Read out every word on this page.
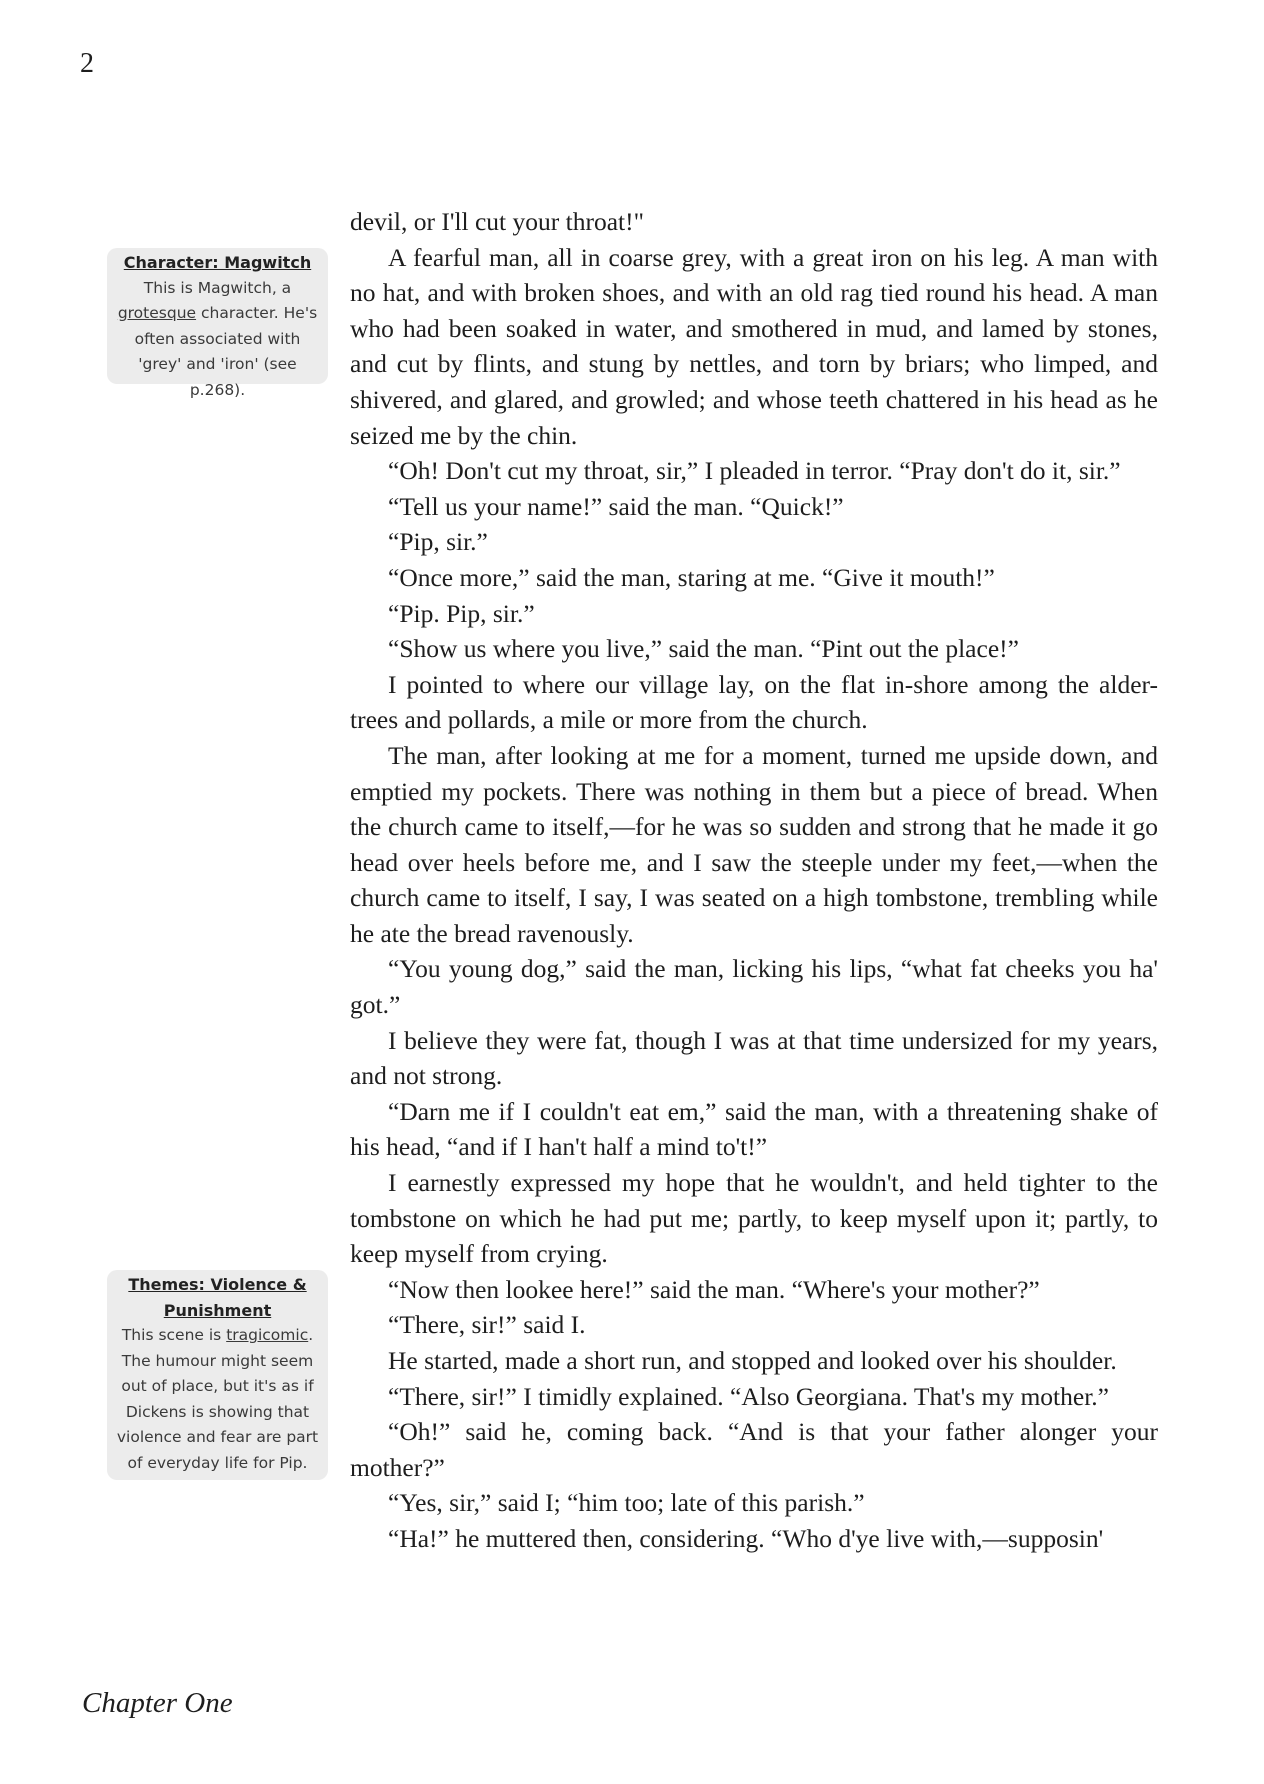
2
Character: Magwitch
This is Magwitch, a grotesque character. He's often associated with 'grey' and 'iron' (see p.268).
Themes: Violence & Punishment
This scene is tragicomic. The humour might seem out of place, but it's as if Dickens is showing that violence and fear are part of everyday life for Pip.

devil, or I'll cut your throat!"

A fearful man, all in coarse grey, with a great iron on his leg. A man with no hat, and with broken shoes, and with an old rag tied round his head. A man who had been soaked in water, and smothered in mud, and lamed by stones, and cut by flints, and stung by nettles, and torn by briars; who limped, and shivered, and glared, and growled; and whose teeth chattered in his head as he seized me by the chin.

“Oh! Don't cut my throat, sir,” I pleaded in terror. “Pray don't do it, sir.”

“Tell us your name!” said the man. “Quick!”

“Pip, sir.”

“Once more,” said the man, staring at me. “Give it mouth!”

“Pip. Pip, sir.”

“Show us where you live,” said the man. “Pint out the place!”

I pointed to where our village lay, on the flat in-shore among the alder-trees and pollards, a mile or more from the church.

The man, after looking at me for a moment, turned me upside down, and emptied my pockets. There was nothing in them but a piece of bread. When the church came to itself,—for he was so sudden and strong that he made it go head over heels before me, and I saw the steeple under my feet,—when the church came to itself, I say, I was seated on a high tombstone, trembling while he ate the bread ravenously.

“You young dog,” said the man, licking his lips, “what fat cheeks you ha' got.”

I believe they were fat, though I was at that time undersized for my years, and not strong.

“Darn me if I couldn't eat em,” said the man, with a threatening shake of his head, “and if I han't half a mind to't!”

I earnestly expressed my hope that he wouldn't, and held tighter to the tombstone on which he had put me; partly, to keep myself upon it; partly, to keep myself from crying.

“Now then lookee here!” said the man. “Where's your mother?”

“There, sir!” said I.

He started, made a short run, and stopped and looked over his shoulder.

“There, sir!” I timidly explained. “Also Georgiana. That's my mother.”

“Oh!” said he, coming back. “And is that your father alonger your mother?”

“Yes, sir,” said I; “him too; late of this parish.”

“Ha!” he muttered then, considering. “Who d'ye live with,—supposin'

Chapter One
